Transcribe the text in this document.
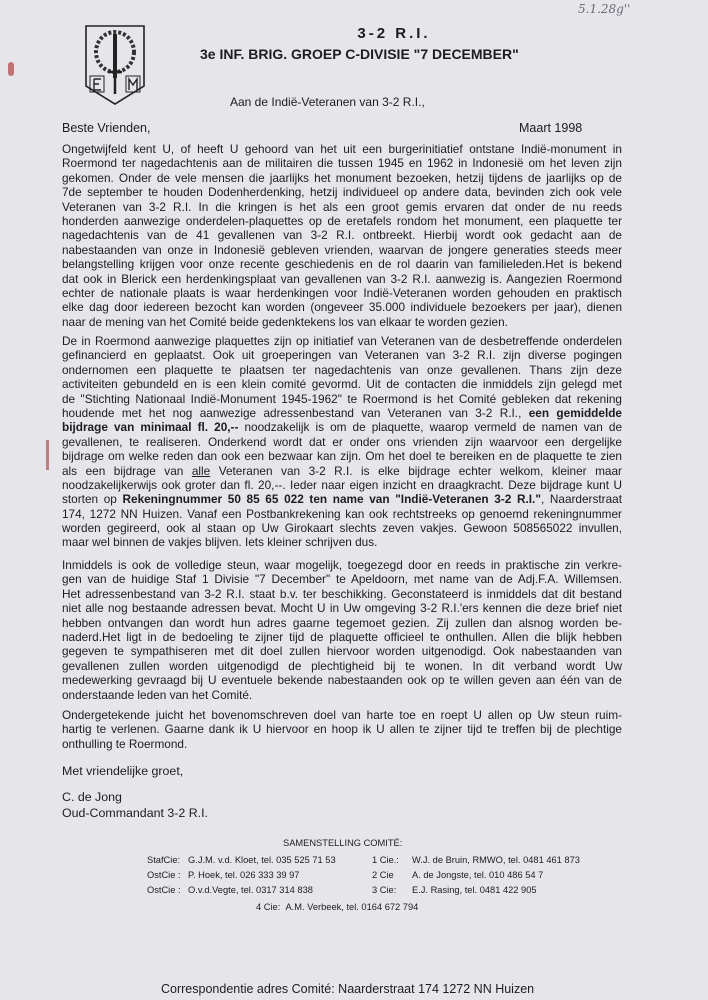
5.1.28g''
3-2 R.I.
3e INF. BRIG. GROEP C-DIVISIE "7 DECEMBER"
Aan de Indië-Veteranen van 3-2 R.I.,
Beste Vrienden,	Maart 1998
Ongetwijfeld kent U, of heeft U gehoord van het uit een burgerinitiatief ontstane Indië-monument in
Roermond ter nagedachtenis aan de militairen die tussen 1945 en 1962 in Indonesië om het leven zijn
gekomen. Onder de vele mensen die jaarlijks het monument bezoeken, hetzij tijdens de jaarlijks op de
7de september te houden Dodenherdenking, hetzij individueel op andere data, bevinden zich ook vele
Veteranen van 3-2 R.I. In die kringen is het als een groot gemis ervaren dat onder de nu reeds
honderden aanwezige onderdelen-plaquettes op de eretafels rondom het monument, een plaquette ter
nagedachtenis van de 41 gevallenen van 3-2 R.I. ontbreekt. Hierbij wordt ook gedacht aan de
nabestaanden van onze in Indonesië gebleven vrienden, waarvan de jongere generaties steeds meer
belangstelling krijgen voor onze recente geschiedenis en de rol daarin van familieleden.Het is bekend
dat ook in Blerick een herdenkingsplaat van gevallenen van 3-2 R.I. aanwezig is. Aangezien Roermond
echter de nationale plaats is waar herdenkingen voor Indië-Veteranen worden gehouden en praktisch
elke dag door iedereen bezocht kan worden (ongeveer 35.000 individuele bezoekers per jaar), dienen
naar de mening van het Comité beide gedenktekens los van elkaar te worden gezien.
De in Roermond aanwezige plaquettes zijn op initiatief van Veteranen van de desbetreffende onderdelen
gefinancierd en geplaatst. Ook uit groeperingen van Veteranen van 3-2 R.I. zijn diverse pogingen
ondernomen een plaquette te plaatsen ter nagedachtenis van onze gevallenen. Thans zijn deze
activiteiten gebundeld en is een klein comité gevormd. Uit de contacten die inmiddels zijn gelegd met
de "Stichting Nationaal Indië-Monument 1945-1962" te Roermond is het Comité gebleken dat rekening
houdende met het nog aanwezige adressenbestand van Veteranen van 3-2 R.I., een gemiddelde
bijdrage van minimaal fl. 20,-- noodzakelijk is om de plaquette, waarop vermeld de namen van de
gevallenen, te realiseren. Onderkend wordt dat er onder ons vrienden zijn waarvoor een dergelijke
bijdrage om welke reden dan ook een bezwaar kan zijn. Om het doel te bereiken en de plaquette te zien
als een bijdrage van alle Veteranen van 3-2 R.I. is elke bijdrage echter welkom, kleiner maar
noodzakelijkerwijs ook groter dan fl. 20,--. Ieder naar eigen inzicht en draagkracht. Deze bijdrage kunt U
storten op Rekeningnummer 50 85 65 022 ten name van "Indië-Veteranen 3-2 R.I.", Naarderstraat
174, 1272 NN Huizen. Vanaf een Postbankrekening kan ook rechtstreeks op genoemd rekeningnummer
worden gegireerd, ook al staan op Uw Girokaart slechts zeven vakjes. Gewoon 508565022 invullen,
maar wel binnen de vakjes blijven. Iets kleiner schrijven dus.
Inmiddels is ook de volledige steun, waar mogelijk, toegezegd door en reeds in praktische zin verkre-
gen van de huidige Staf 1 Divisie "7 December" te Apeldoorn, met name van de Adj.F.A. Willemsen.
Het adressenbestand van 3-2 R.I. staat b.v. ter beschikking. Geconstateerd is inmiddels dat dit bestand
niet alle nog bestaande adressen bevat. Mocht U in Uw omgeving 3-2 R.I.'ers kennen die deze brief niet
hebben ontvangen dan wordt hun adres gaarne tegemoet gezien. Zij zullen dan alsnog worden be-
naderd.Het ligt in de bedoeling te zijner tijd de plaquette officieel te onthullen. Allen die blijk hebben
gegeven te sympathiseren met dit doel zullen hiervoor worden uitgenodigd. Ook nabestaanden van
gevallenen zullen worden uitgenodigd de plechtigheid bij te wonen. In dit verband wordt Uw
medewerking gevraagd bij U eventuele bekende nabestaanden ook op te willen geven aan één van de
onderstaande leden van het Comité.
Ondergetekende juicht het bovenomschreven doel van harte toe en roept U allen op Uw steun ruim-
hartig te verlenen. Gaarne dank ik U hiervoor en hoop ik U allen te zijner tijd te treffen bij de plechtige
onthulling te Roermond.
Met vriendelijke groet,
C. de Jong
Oud-Commandant 3-2 R.I.
SAMENSTELLING COMITÉ:
StafCie: G.J.M. v.d. Kloet, tel. 035 525 71 53
OstCie : P. Hoek, tel. 026 333 39 97
OstCie : O.v.d.Vegte, tel. 0317 314 838
1 Cie.: W.J. de Bruin, RMWO, tel. 0481 461 873
2 Cie A. de Jongste, tel. 010 486 54 7
3 Cie: E.J. Rasing, tel. 0481 422 905
4 Cie: A.M. Verbeek, tel. 0164 672 794
Correspondentie adres Comité: Naarderstraat 174 1272 NN Huizen
